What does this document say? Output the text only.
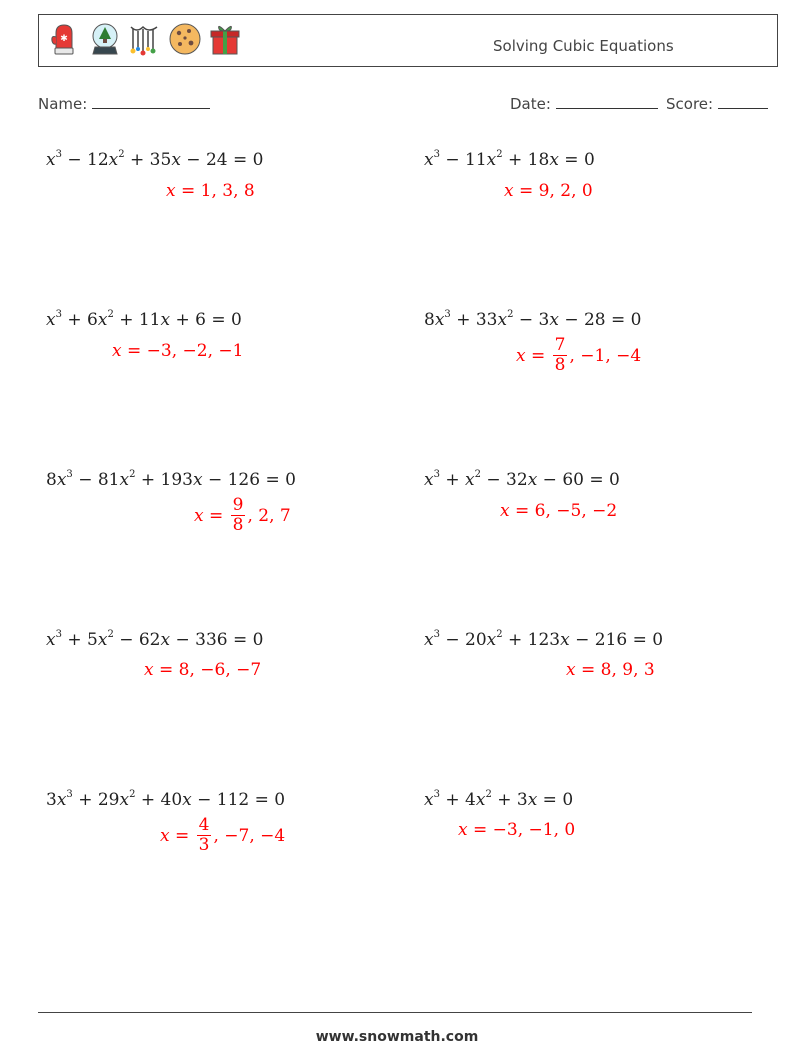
✱	Solving Cubic Equations
Name:	Date:	Score:
$x^3 - 12x^2 + 35x - 24 = 0$
x = 1, 3, 8
$x^3 - 11x^2 + 18x = 0$
x = 9, 2, 0
$x^3 + 6x^2 + 11x + 6 = 0$
x = −3, −2, −1
$8x^3 + 33x^2 - 3x - 28 = 0$
$x = \frac{7}{8}$ , −1, −4
$8x^3 - 81x^2 + 193x - 126 = 0$
$x = \frac{9}{8}$ , 2, 7
$x^3 + x^2 - 32x - 60 = 0$
x = 6, −5, −2
$x^3 + 5x^2 - 62x - 336 = 0$
x = 8, −6, −7
$x^3 - 20x^2 + 123x - 216 = 0$
x = 8, 9, 3
$3x^3 + 29x^2 + 40x - 112 = 0$
$x = \frac{4}{3}$ , −7, −4
$x^3 + 4x^2 + 3x = 0$
x = −3, −1, 0
www.snowmath.com
